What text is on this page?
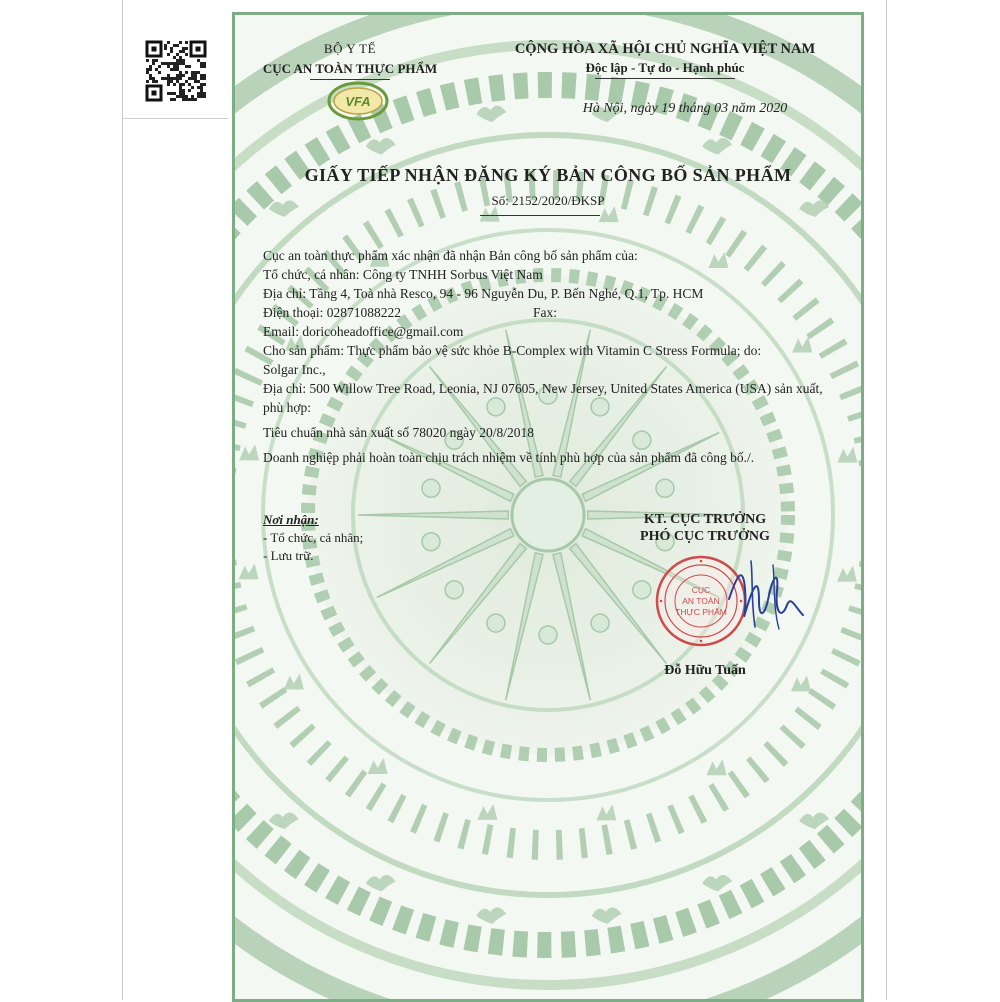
BỘ Y TẾ
CỤC AN TOÀN THỰC PHẨM
VFA
CỘNG HÒA XÃ HỘI CHỦ NGHĨA VIỆT NAM
Độc lập - Tự do - Hạnh phúc
Hà Nội, ngày 19 tháng 03 năm 2020
GIẤY TIẾP NHẬN ĐĂNG KÝ BẢN CÔNG BỐ SẢN PHẨM
Số: 2152/2020/ĐKSP
Cục an toàn thực phẩm xác nhận đã nhận Bản công bố sản phẩm của:
Tổ chức, cá nhân: Công ty TNHH Sorbus Việt Nam
Địa chỉ: Tầng 4, Toà nhà Resco, 94 - 96 Nguyễn Du, P. Bến Nghé, Q.1, Tp. HCM
Điện thoại: 02871088222	Fax:
Email: doricoheadoffice@gmail.com
Cho sản phẩm: Thực phẩm bảo vệ sức khỏe B-Complex with Vitamin C Stress Formula; do:
Solgar Inc.,
Địa chỉ: 500 Willow Tree Road, Leonia, NJ 07605, New Jersey, United States America (USA) sản xuất, phù hợp:
Tiêu chuẩn nhà sản xuất số 78020 ngày 20/8/2018
Doanh nghiệp phải hoàn toàn chịu trách nhiệm về tính phù hợp của sản phẩm đã công bố./.
Nơi nhận:
- Tổ chức, cá nhân;
- Lưu trữ.
KT. CỤC TRƯỞNG
PHÓ CỤC TRƯỞNG
CỤC
AN TOÀN
THỰC PHẨM
Đỗ Hữu Tuấn
